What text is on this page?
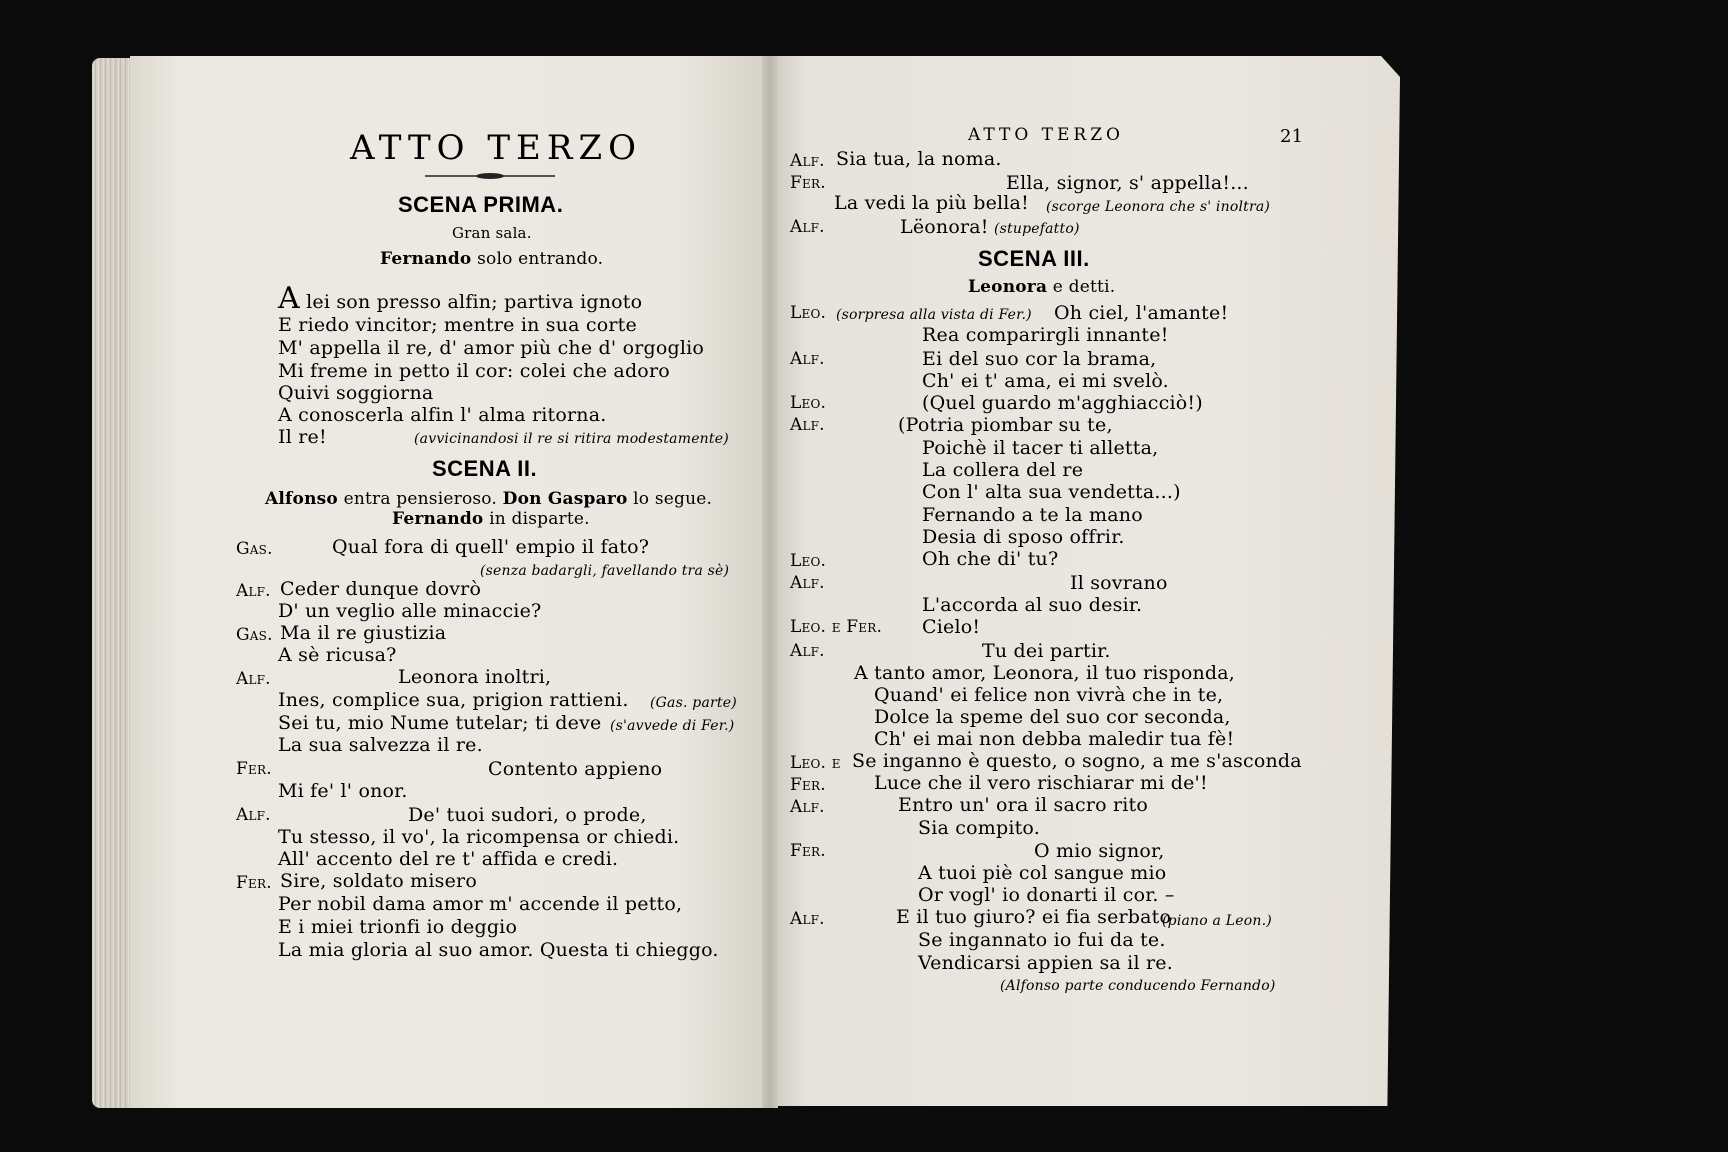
ATTO TERZO
SCENA PRIMA.
Gran sala.
Fernando solo entrando.
A lei son presso alfin; partiva ignoto
E riedo vincitor; mentre in sua corte
M' appella il re, d' amor più che d' orgoglio
Mi freme in petto il cor: colei che adoro
Quivi soggiorna
A conoscerla alfin l' alma ritorna.
Il re!	(avvicinandosi il re si ritira modestamente)
SCENA II.
Alfonso entra pensieroso. Don Gasparo lo segue.
Fernando in disparte.
Gas.	Qual fora di quell' empio il fato?
(senza badargli, favellando tra sè)
Alf. Ceder dunque dovrò
D' un veglio alle minaccie?
Gas. Ma il re giustizia
A sè ricusa?
Alf.	Leonora inoltri,
Ines, complice sua, prigion rattieni. (Gas. parte)
Sei tu, mio Nume tutelar; ti deve (s'avvede di Fer.)
La sua salvezza il re.
Fer.	Contento appieno
Mi fe' l' onor.
Alf.	De' tuoi sudori, o prode,
Tu stesso, il vo', la ricompensa or chiedi.
All' accento del re t' affida e credi.
Fer. Sire, soldato misero
Per nobil dama amor m' accende il petto,
E i miei trionfi io deggio
La mia gloria al suo amor. Questa ti chieggo.
ATTO TERZO	21
Alf. Sia tua, la noma.
Fer.	Ella, signor, s' appella!...
La vedi la più bella! (scorge Leonora che s' inoltra)
Alf.	Lëonora! (stupefatto)
SCENA III.
Leonora e detti.
Leo. (sorpresa alla vista di Fer.) Oh ciel, l'amante!
Rea comparirgli innante!
Alf.	Ei del suo cor la brama,
Ch' ei t' ama, ei mi svelò.
Leo.	(Quel guardo m'agghiacciò!)
Alf.	(Potria piombar su te,
Poichè il tacer ti alletta,
La collera del re
Con l' alta sua vendetta...)
Fernando a te la mano
Desia di sposo offrir.
Leo.	Oh che di' tu?
Alf.	Il sovrano
L'accorda al suo desir.
Leo. e Fer. Cielo!
Alf.	Tu dei partir.
A tanto amor, Leonora, il tuo risponda,
Quand' ei felice non vivrà che in te,
Dolce la speme del suo cor seconda,
Ch' ei mai non debba maledir tua fè!
Leo. e Se inganno è questo, o sogno, a me s'asconda
Fer.	Luce che il vero rischiarar mi de'!
Alf.	Entro un' ora il sacro rito
Sia compito.
Fer.	O mio signor,
A tuoi piè col sangue mio
Or vogl' io donarti il cor. –
Alf.	E il tuo giuro? ei fia serbato
(piano a Leon.)
Se ingannato io fui da te.
Vendicarsi appien sa il re.
(Alfonso parte conducendo Fernando)
